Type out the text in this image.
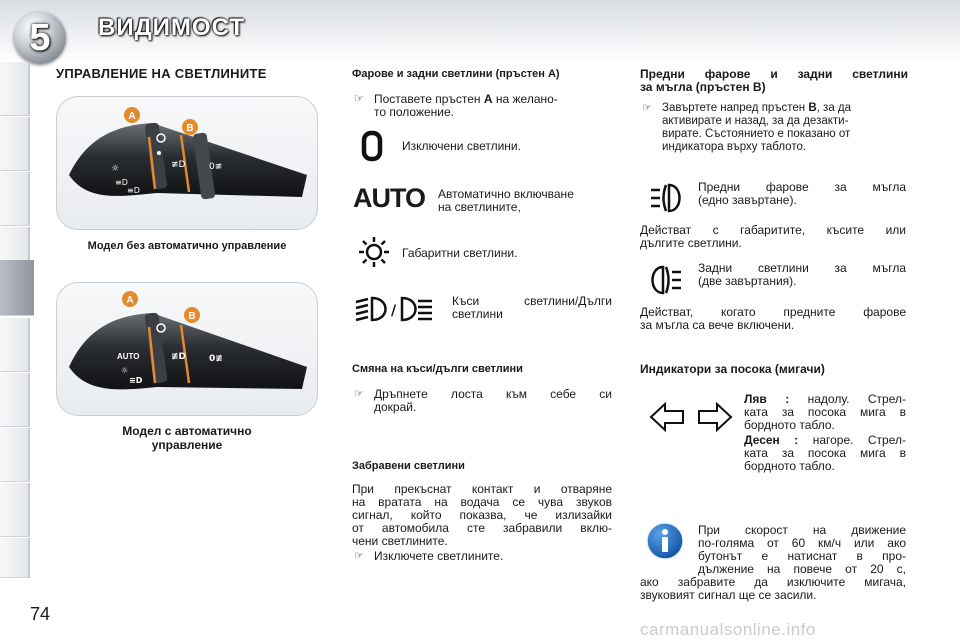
5	ВИДИМОСТ
УПРАВЛЕНИЕ НА СВЕТЛИНИТЕ
☼
≡D
≡D
≢D	0≢
A
B
Модел без автоматично управление
AUTO
☼
≡D
≢D	0≢
A
B
Модел с автоматично
управление
Фарове и задни светлини (пръстен A)
☞ Поставете пръстен A на желано-
то положение.
Изключени светлини.
AUTO Автоматично включване
на светлините,
Габаритни светлини.
/
Къси светлини/Дълги
светлини
Смяна на къси/дълги светлини
☞ Дръпнете лоста към себе си
докрай.
Забравени светлини
При прекъснат контакт и отваряне
на вратата на водача се чува звуков
сигнал, който показва, че излизайки
от автомобила сте забравили вклю-
чени светлините.
☞ Изключете светлините.
Предни фарове и задни светлини
за мъгла (пръстен B)
☞ Завъртете напред пръстен B, за да
активирате и назад, за да дезакти-
вирате. Състоянието е показано от
индикатора върху таблото.
Предни фарове за мъгла
(едно завъртане).
Действат с габаритите, късите или
дългите светлини.
Задни светлини за мъгла
(две завъртания).
Действат, когато предните фарове
за мъгла са вече включени.
Индикатори за посока (мигачи)
Ляв : надолу. Стрел-
ката за посока мига в
бордното табло.
Десен : нагоре. Стрел-
ката за посока мига в
бордното табло.
При скорост на движение
по-голяма от 60 км/ч или ако
бутонът е натиснат в про-
дължение на повече от 20 с,
ако забравите да изключите мигача,
звуковият сигнал ще се засили.
74
carmanualsonline.info
